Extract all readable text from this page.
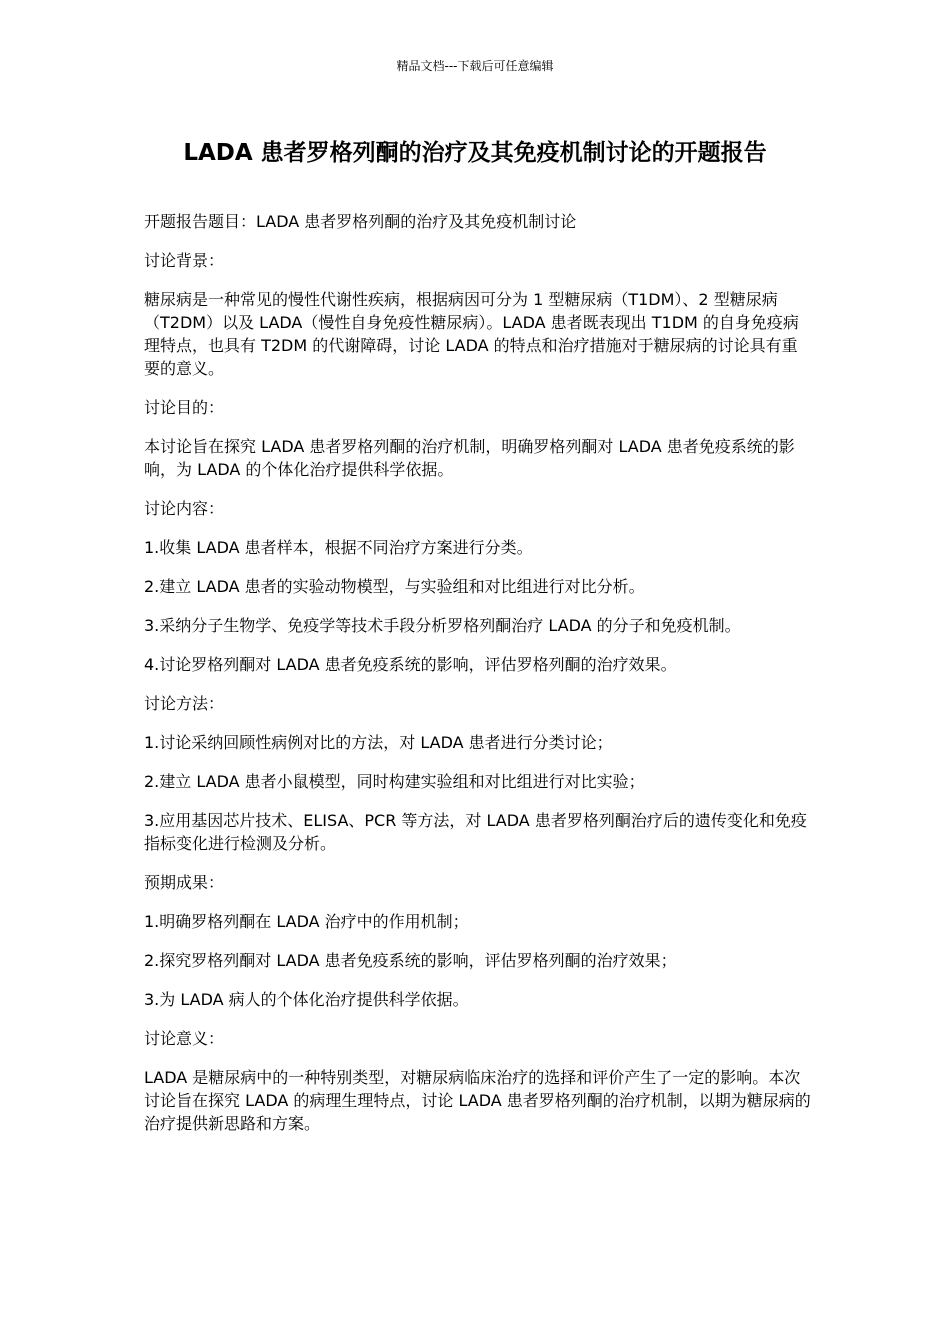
精品文档---下载后可任意编辑
LADA 患者罗格列酮的治疗及其免疫机制讨论的开题报告

开题报告题目：LADA 患者罗格列酮的治疗及其免疫机制讨论

讨论背景：

糖尿病是一种常见的慢性代谢性疾病，根据病因可分为 1 型糖尿病（T1DM）、2 型糖尿病（T2DM）以及 LADA（慢性自身免疫性糖尿病）。LADA 患者既表现出 T1DM 的自身免疫病理特点，也具有 T2DM 的代谢障碍，讨论 LADA 的特点和治疗措施对于糖尿病的讨论具有重要的意义。

讨论目的：

本讨论旨在探究 LADA 患者罗格列酮的治疗机制，明确罗格列酮对 LADA 患者免疫系统的影响，为 LADA 的个体化治疗提供科学依据。

讨论内容：

1.收集 LADA 患者样本，根据不同治疗方案进行分类。

2.建立 LADA 患者的实验动物模型，与实验组和对比组进行对比分析。

3.采纳分子生物学、免疫学等技术手段分析罗格列酮治疗 LADA 的分子和免疫机制。

4.讨论罗格列酮对 LADA 患者免疫系统的影响，评估罗格列酮的治疗效果。

讨论方法：

1.讨论采纳回顾性病例对比的方法，对 LADA 患者进行分类讨论；

2.建立 LADA 患者小鼠模型，同时构建实验组和对比组进行对比实验；

3.应用基因芯片技术、ELISA、PCR 等方法，对 LADA 患者罗格列酮治疗后的遗传变化和免疫指标变化进行检测及分析。

预期成果：

1.明确罗格列酮在 LADA 治疗中的作用机制；

2.探究罗格列酮对 LADA 患者免疫系统的影响，评估罗格列酮的治疗效果；

3.为 LADA 病人的个体化治疗提供科学依据。

讨论意义：

LADA 是糖尿病中的一种特别类型，对糖尿病临床治疗的选择和评价产生了一定的影响。本次讨论旨在探究 LADA 的病理生理特点，讨论 LADA 患者罗格列酮的治疗机制，以期为糖尿病的治疗提供新思路和方案。
